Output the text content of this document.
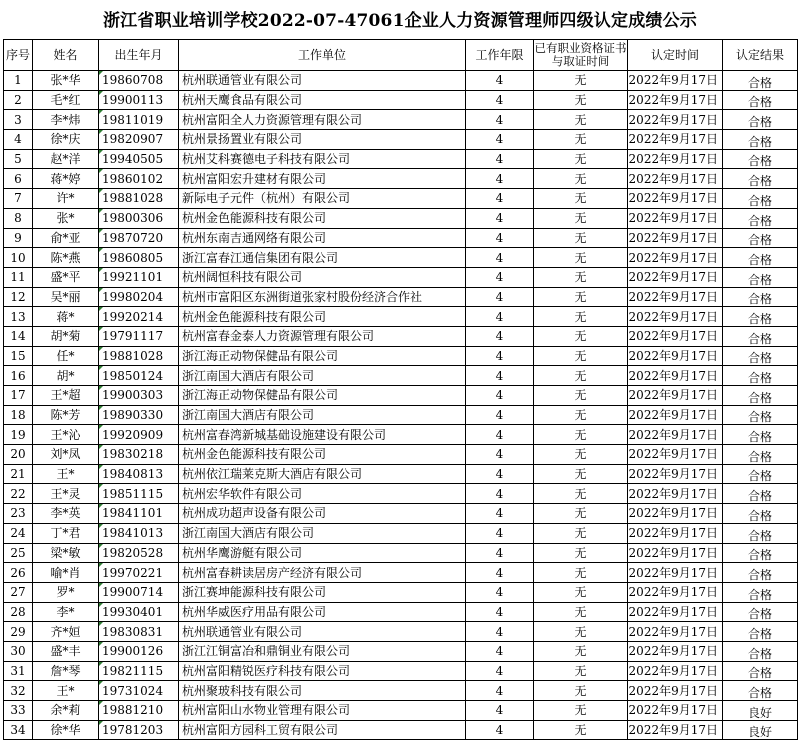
浙江省职业培训学校2022-07-47061企业人力资源管理师四级认定成绩公示
序号	姓名	出生年月	工作单位	工作年限	已有职业资格证书与取证时间	认定时间	认定结果
1	张*华	19860708	杭州联通管业有限公司	4	无	2022年9月17日	合格
2	毛*红	19900113	杭州天鹰食品有限公司	4	无	2022年9月17日	合格
3	李*炜	19811019	杭州富阳全人力资源管理有限公司	4	无	2022年9月17日	合格
4	徐*庆	19820907	杭州景扬置业有限公司	4	无	2022年9月17日	合格
5	赵*洋	19940505	杭州艾科赛德电子科技有限公司	4	无	2022年9月17日	合格
6	蒋*婷	19860102	杭州富阳宏升建材有限公司	4	无	2022年9月17日	合格
7	许*	19881028	新际电子元件（杭州）有限公司	4	无	2022年9月17日	合格
8	张*	19800306	杭州金色能源科技有限公司	4	无	2022年9月17日	合格
9	俞*亚	19870720	杭州东南吉通网络有限公司	4	无	2022年9月17日	合格
10	陈*燕	19860805	浙江富春江通信集团有限公司	4	无	2022年9月17日	合格
11	盛*平	19921101	杭州阔恒科技有限公司	4	无	2022年9月17日	合格
12	吴*丽	19980204	杭州市富阳区东洲街道张家村股份经济合作社	4	无	2022年9月17日	合格
13	蒋*	19920214	杭州金色能源科技有限公司	4	无	2022年9月17日	合格
14	胡*菊	19791117	杭州富春金泰人力资源管理有限公司	4	无	2022年9月17日	合格
15	任*	19881028	浙江海正动物保健品有限公司	4	无	2022年9月17日	合格
16	胡*	19850124	浙江南国大酒店有限公司	4	无	2022年9月17日	合格
17	王*超	19900303	浙江海正动物保健品有限公司	4	无	2022年9月17日	合格
18	陈*芳	19890330	浙江南国大酒店有限公司	4	无	2022年9月17日	合格
19	王*沁	19920909	杭州富春湾新城基础设施建设有限公司	4	无	2022年9月17日	合格
20	刘*凤	19830218	杭州金色能源科技有限公司	4	无	2022年9月17日	合格
21	王*	19840813	杭州依江瑞莱克斯大酒店有限公司	4	无	2022年9月17日	合格
22	王*灵	19851115	杭州宏华软件有限公司	4	无	2022年9月17日	合格
23	李*英	19841101	杭州成功超声设备有限公司	4	无	2022年9月17日	合格
24	丁*君	19841013	浙江南国大酒店有限公司	4	无	2022年9月17日	合格
25	梁*敏	19820528	杭州华鹰游艇有限公司	4	无	2022年9月17日	合格
26	喻*肖	19970221	杭州富春耕读居房产经济有限公司	4	无	2022年9月17日	合格
27	罗*	19900714	浙江赛坤能源科技有限公司	4	无	2022年9月17日	合格
28	李*	19930401	杭州华威医疗用品有限公司	4	无	2022年9月17日	合格
29	齐*姮	19830831	杭州联通管业有限公司	4	无	2022年9月17日	合格
30	盛*丰	19900126	浙江江铜富冶和鼎铜业有限公司	4	无	2022年9月17日	合格
31	詹*琴	19821115	杭州富阳精锐医疗科技有限公司	4	无	2022年9月17日	合格
32	王*	19731024	杭州聚玻科技有限公司	4	无	2022年9月17日	合格
33	余*莉	19881210	杭州富阳山水物业管理有限公司	4	无	2022年9月17日	良好
34	徐*华	19781203	杭州富阳方园科工贸有限公司	4	无	2022年9月17日	良好
